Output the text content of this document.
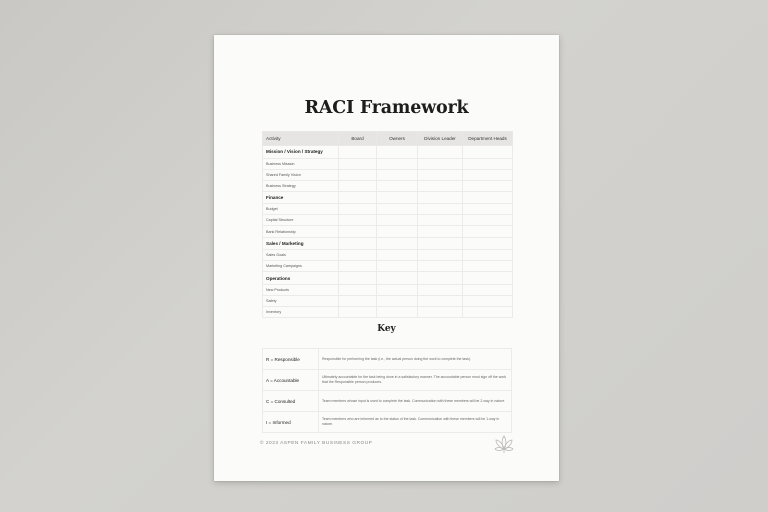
RACI Framework
Activity	Board	Owners	Division Leader	Department Heads
Mission / Vision / Strategy				
Business Mission				
Shared Family Vision				
Business Strategy				
Finance				
Budget				
Capital Structure				
Bank Relationship				
Sales / Marketing				
Sales Goals				
Marketing Campaigns				
Operations				
New Products				
Safety				
Inventory				
Key
R = Responsible	Responsible for performing the task (i.e., the actual person doing the work to complete the task).
A = Accountable	Ultimately accountable for the task being done in a satisfactory manner. The accountable person must sign off the work that the Responsible person produces.
C = Consulted	Team members whose input is used to complete the task. Communication with these members will be 2-way in nature.
I = Informed	Team members who are informed as to the status of the task. Communication with these members will be 1-way in nature.
© 2023 ASPEN FAMILY BUSINESS GROUP
